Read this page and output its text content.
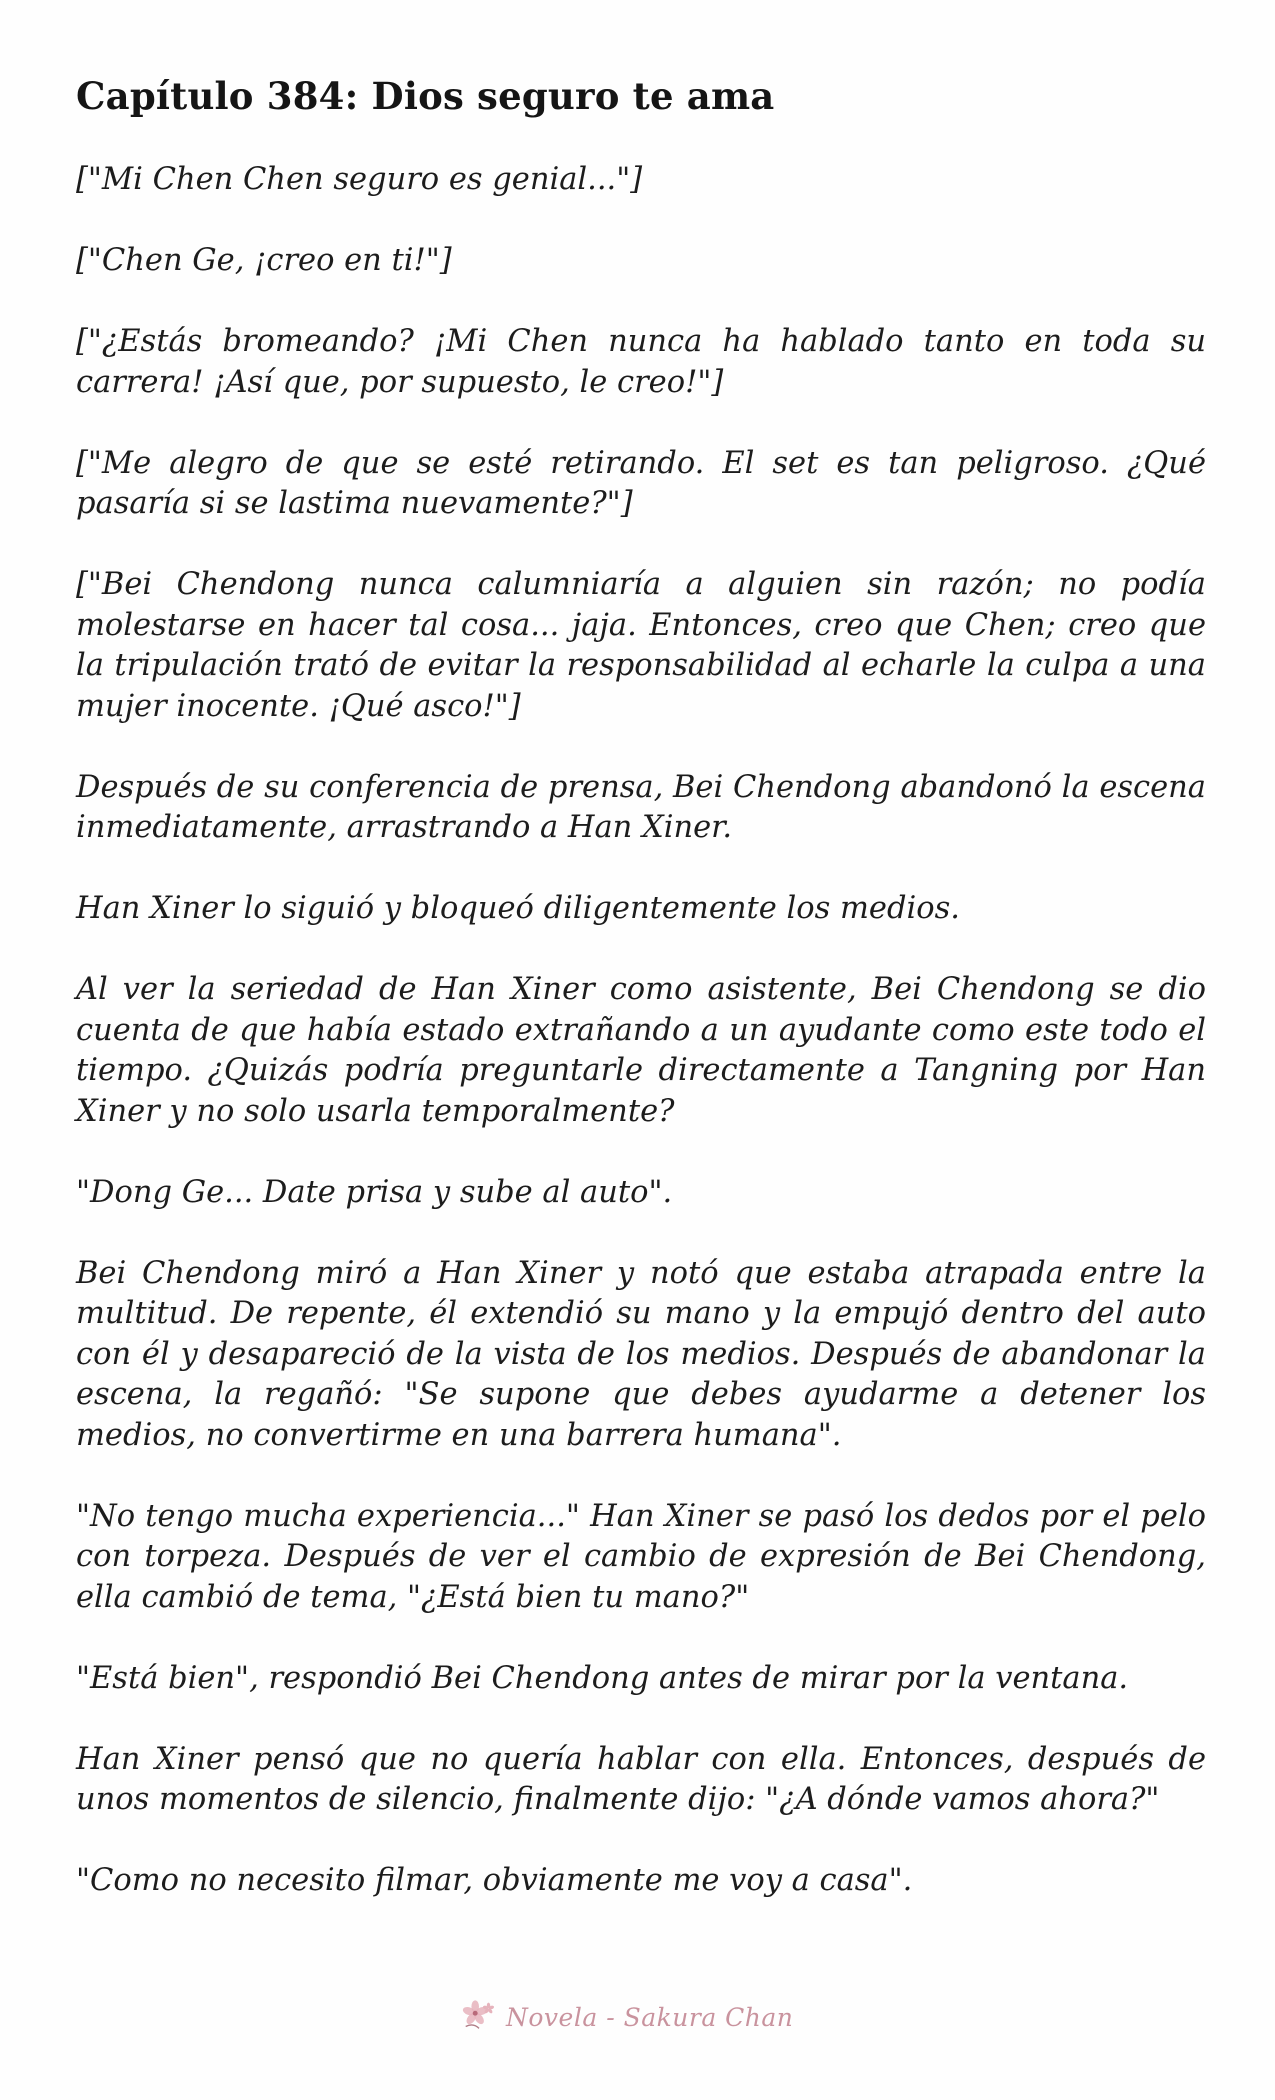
Capítulo 384: Dios seguro te ama

["Mi Chen Chen seguro es genial..."]

["Chen Ge, ¡creo en ti!"]

["¿Estás bromeando? ¡Mi Chen nunca ha hablado tanto en toda su carrera! ¡Así que, por supuesto, le creo!"]

["Me alegro de que se esté retirando. El set es tan peligroso. ¿Qué pasaría si se lastima nuevamente?"]

["Bei Chendong nunca calumniaría a alguien sin razón; no podía molestarse en hacer tal cosa... jaja. Entonces, creo que Chen; creo que la tripulación trató de evitar la responsabilidad al echarle la culpa a una mujer inocente. ¡Qué asco!"]

Después de su conferencia de prensa, Bei Chendong abandonó la escena inmediatamente, arrastrando a Han Xiner.

Han Xiner lo siguió y bloqueó diligentemente los medios.

Al ver la seriedad de Han Xiner como asistente, Bei Chendong se dio cuenta de que había estado extrañando a un ayudante como este todo el tiempo. ¿Quizás podría preguntarle directamente a Tangning por Han Xiner y no solo usarla temporalmente?

"Dong Ge... Date prisa y sube al auto".

Bei Chendong miró a Han Xiner y notó que estaba atrapada entre la multitud. De repente, él extendió su mano y la empujó dentro del auto con él y desapareció de la vista de los medios. Después de abandonar la escena, la regañó: "Se supone que debes ayudarme a detener los medios, no convertirme en una barrera humana".

"No tengo mucha experiencia..." Han Xiner se pasó los dedos por el pelo con torpeza. Después de ver el cambio de expresión de Bei Chendong, ella cambió de tema, "¿Está bien tu mano?"

"Está bien", respondió Bei Chendong antes de mirar por la ventana.

Han Xiner pensó que no quería hablar con ella. Entonces, después de unos momentos de silencio, finalmente dijo: "¿A dónde vamos ahora?"

"Como no necesito filmar, obviamente me voy a casa".

Novela - Sakura Chan
